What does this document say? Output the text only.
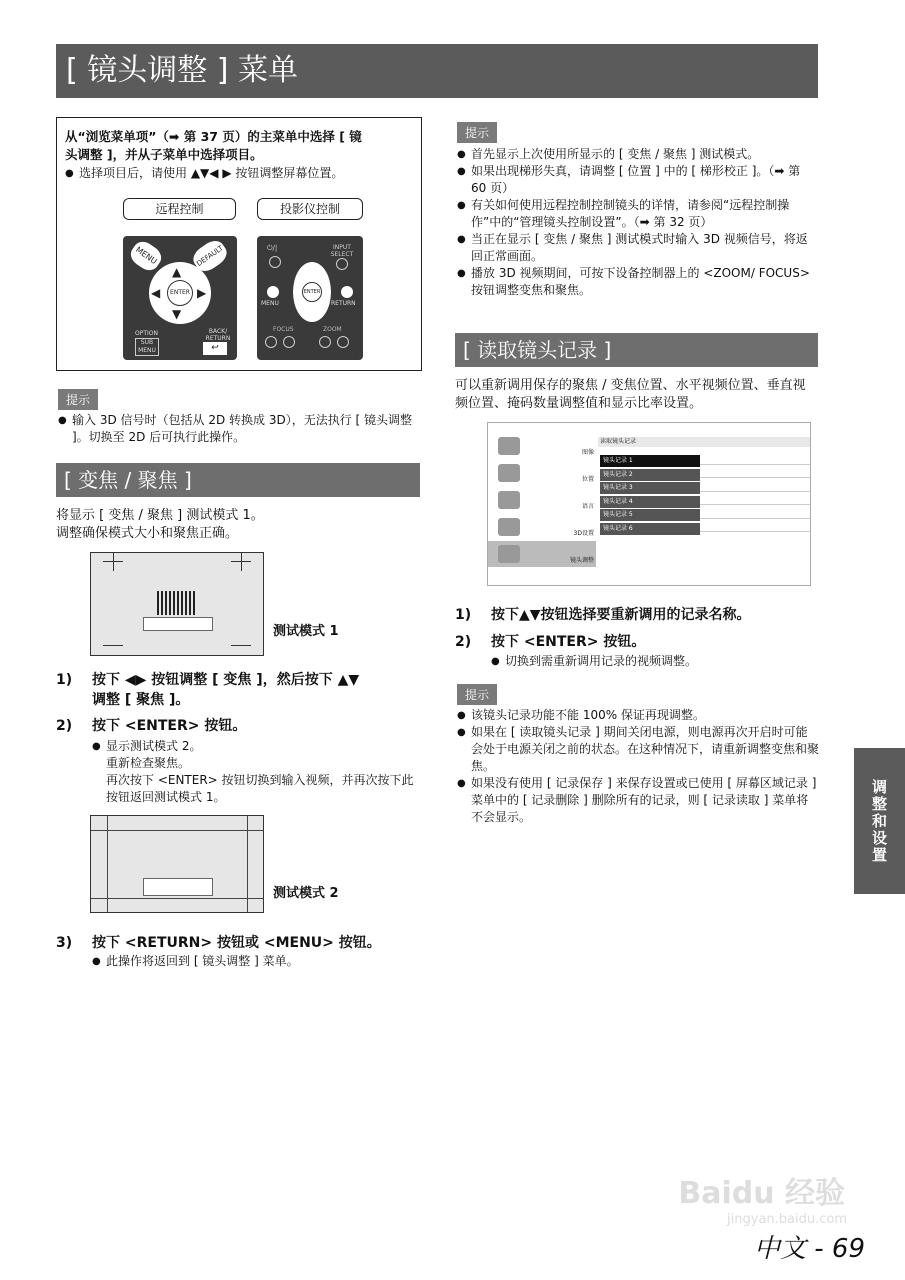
[ 镜头调整 ] 菜单
从“浏览菜单项”（➡ 第 37 页）的主菜单中选择 [ 镜
头调整 ]，并从子菜单中选择项目。
● 选择项目后，请使用 ▲▼◀ ▶ 按钮调整屏幕位置。
远程控制	投影仪控制
MENU	DEFAULT
▲
▼
◀	▶
ENTER
OPTION
SUB MENU
BACK/ RETURN
↩
⏻/|	INPUT SELECT
ENTER
MENU	RETURN
FOCUS	ZOOM
提示
● 输入 3D 信号时（包括从 2D 转换成 3D），无法执行 [ 镜头调整 ]。切换至 2D 后可执行此操作。
[ 变焦 / 聚焦 ]
将显示 [ 变焦 / 聚焦 ] 测试模式 1。
调整确保模式大小和聚焦正确。
测试模式 1
1) 按下 ◀▶ 按钮调整 [ 变焦 ]，然后按下 ▲▼
调整 [ 聚焦 ]。
2) 按下 <ENTER> 按钮。
● 显示测试模式 2。
重新检查聚焦。
再次按下 <ENTER> 按钮切换到输入视频，并再次按下此按钮返回测试模式 1。
测试模式 2
3) 按下 <RETURN> 按钮或 <MENU> 按钮。
● 此操作将返回到 [ 镜头调整 ] 菜单。
提示
● 首先显示上次使用所显示的 [ 变焦 / 聚焦 ] 测试模式。
● 如果出现梯形失真，请调整 [ 位置 ] 中的 [ 梯形校正 ]。（➡ 第 60 页）
● 有关如何使用远程控制控制镜头的详情，请参阅“远程控制操作”中的“管理镜头控制设置”。（➡ 第 32 页）
● 当正在显示 [ 变焦 / 聚焦 ] 测试模式时输入 3D 视频信号，将返回正常画面。
● 播放 3D 视频期间，可按下设备控制器上的 <ZOOM/ FOCUS> 按钮调整变焦和聚焦。
[ 读取镜头记录 ]
可以重新调用保存的聚焦 / 变焦位置、水平视频位置、垂直视频位置、掩码数量调整值和显示比率设置。
图像
位置
语言
3D设置
镜头调整
读取镜头记录
镜头记录 1
镜头记录 2
镜头记录 3
镜头记录 4
镜头记录 5
镜头记录 6
1) 按下▲▼按钮选择要重新调用的记录名称。
2) 按下 <ENTER> 按钮。
● 切换到需重新调用记录的视频调整。
提示
● 该镜头记录功能不能 100% 保证再现调整。
● 如果在 [ 读取镜头记录 ] 期间关闭电源，则电源再次开启时可能会处于电源关闭之前的状态。在这种情况下，请重新调整变焦和聚焦。
● 如果没有使用 [ 记录保存 ] 来保存设置或已使用 [ 屏幕区域记录 ] 菜单中的 [ 记录删除 ] 删除所有的记录，则 [ 记录读取 ] 菜单将不会显示。	调整和设置
Baidu 经验
jingyan.baidu.com
中文 - 69
